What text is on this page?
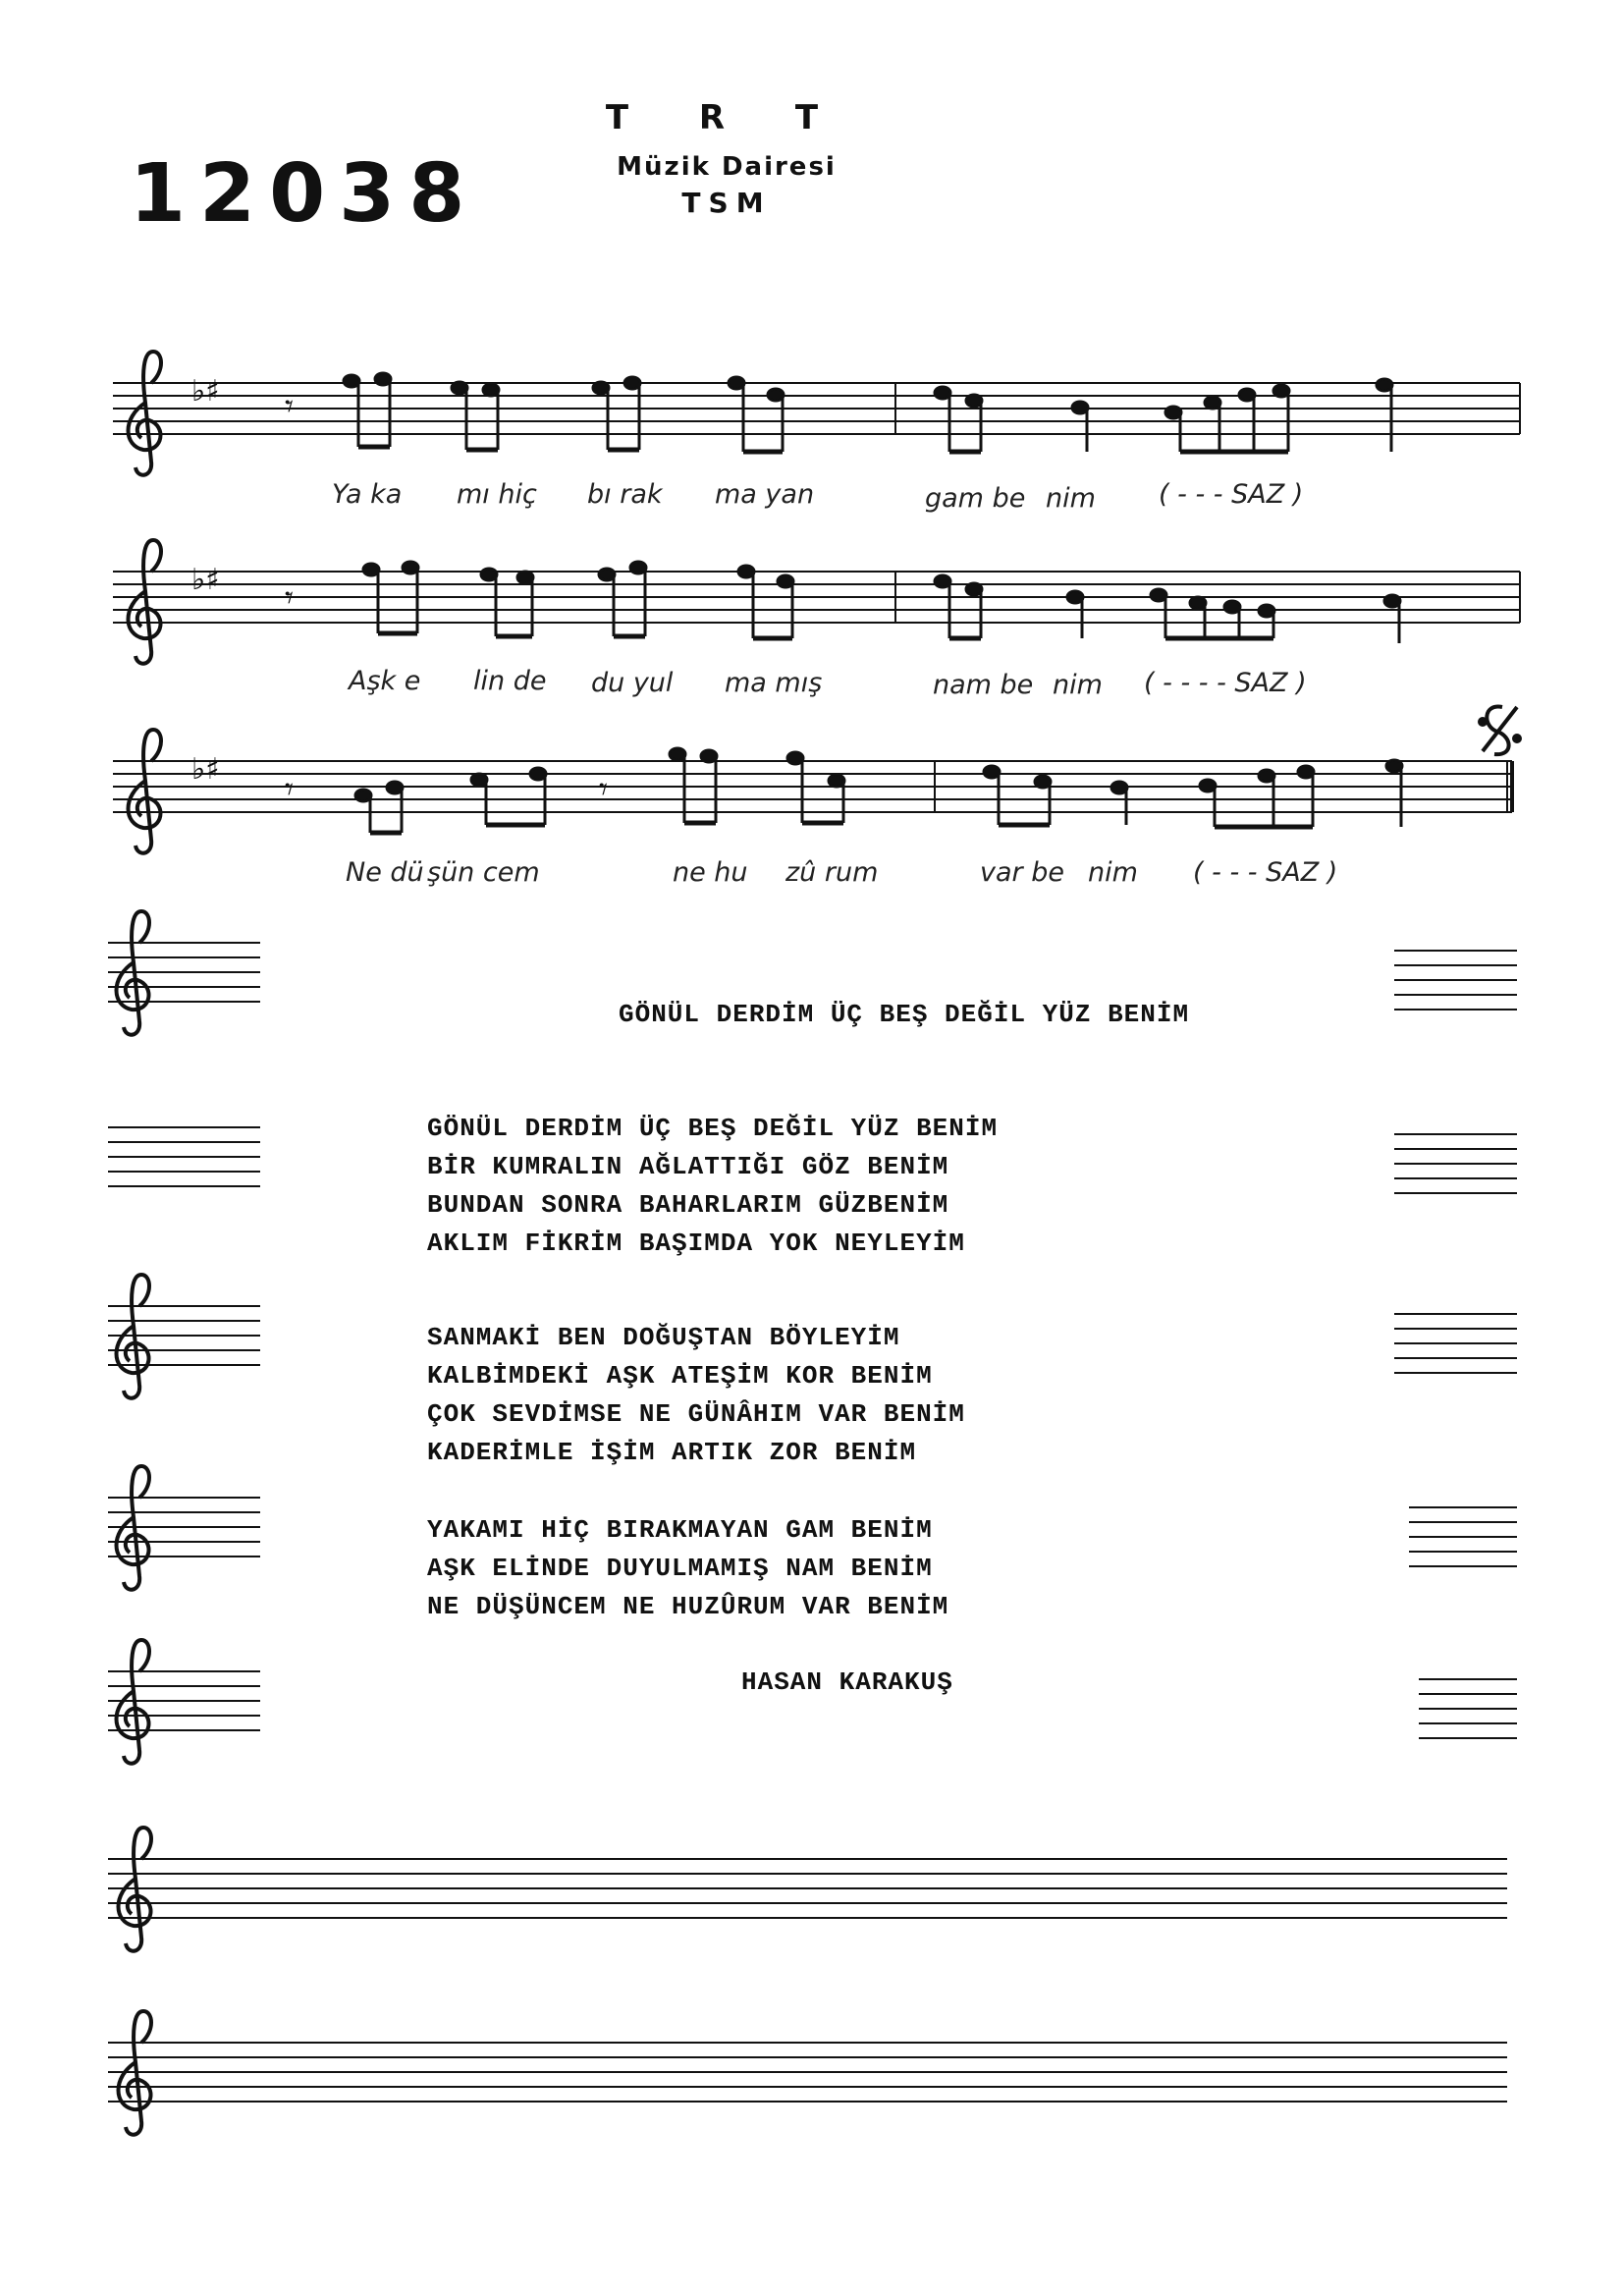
12038
T R T
Müzik Dairesi
TSM
♭♯ 𝄾
♭♯ 𝄾
♭♯
𝄾	𝄾
Ya ka mı hiç bı rak ma yan	gam be nim ( - - - SAZ )
Aşk e lin de du yul ma mış	nam be nim ( - - - - SAZ )
Ne dü şün cem	ne hu zû rum	var be nim ( - - - SAZ )
GÖNÜL DERDİM ÜÇ BEŞ DEĞİL YÜZ BENİM
GÖNÜL DERDİM ÜÇ BEŞ DEĞİL YÜZ BENİM
BİR KUMRALIN AĞLATTIĞI GÖZ BENİM
BUNDAN SONRA BAHARLARIM GÜZBENİM
AKLIM FİKRİM BAŞIMDA YOK NEYLEYİM
SANMAKİ BEN DOĞUŞTAN BÖYLEYİM
KALBİMDEKİ AŞK ATEŞİM KOR BENİM
ÇOK SEVDİMSE NE GÜNÂHIM VAR BENİM
KADERİMLE İŞİM ARTIK ZOR BENİM
YAKAMI HİÇ BIRAKMAYAN GAM BENİM
AŞK ELİNDE DUYULMAMIŞ NAM BENİM
NE DÜŞÜNCEM NE HUZÛRUM VAR BENİM
HASAN KARAKUŞ
